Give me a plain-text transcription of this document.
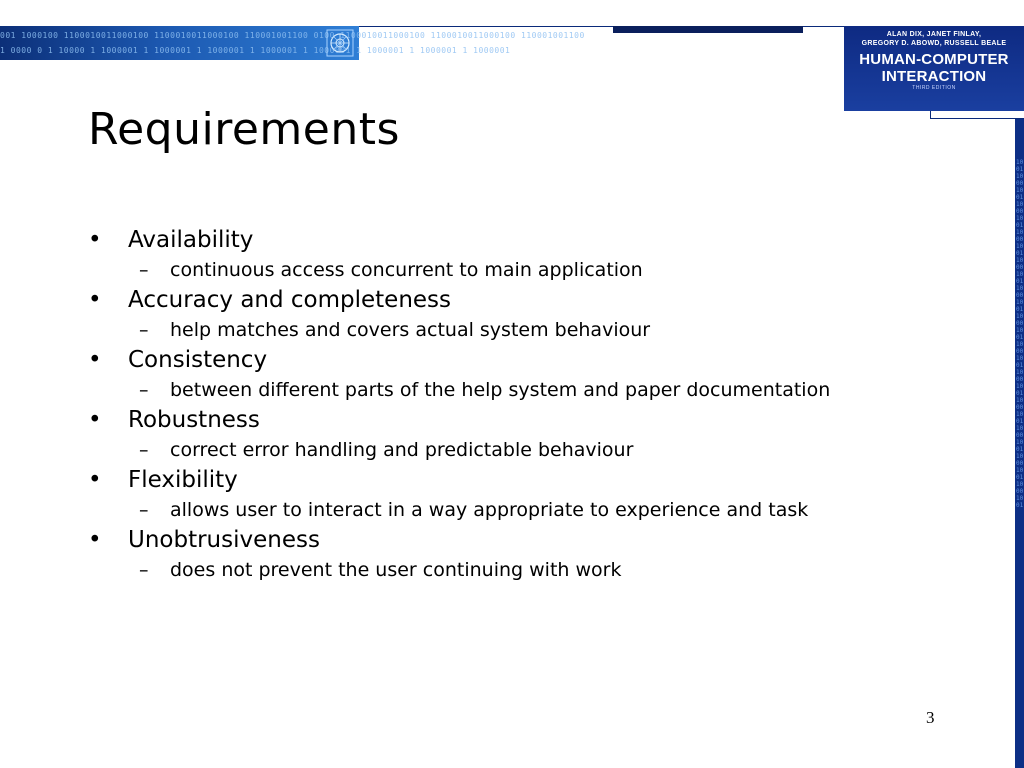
001 1000100 1100010011000100 1100010011000100 110001001100 0100 1100010011000100 1100010011000100 110001001100
1 0000 0 1 10000 1 1000001 1 1000001 1 1000001 1 1000001 1 1000001 1 1000001 1 1000001 1 1000001
ALAN DIX, JANET FINLAY,
GREGORY D. ABOWD, RUSSELL BEALE
HUMAN-COMPUTER
INTERACTION
THIRD EDITION
1001100010011000100110001001100010011000100110001001100010011000100110001001100010011000100110001001
Requirements
•	Availability
–	continuous access concurrent to main application
•	Accuracy and completeness
–	help matches and covers actual system behaviour
•	Consistency
–	between different parts of the help system and paper documentation
•	Robustness
–	correct error handling and predictable behaviour
•	Flexibility
–	allows user to interact in a way appropriate to experience and task
•	Unobtrusiveness
–	does not prevent the user continuing with work
3
